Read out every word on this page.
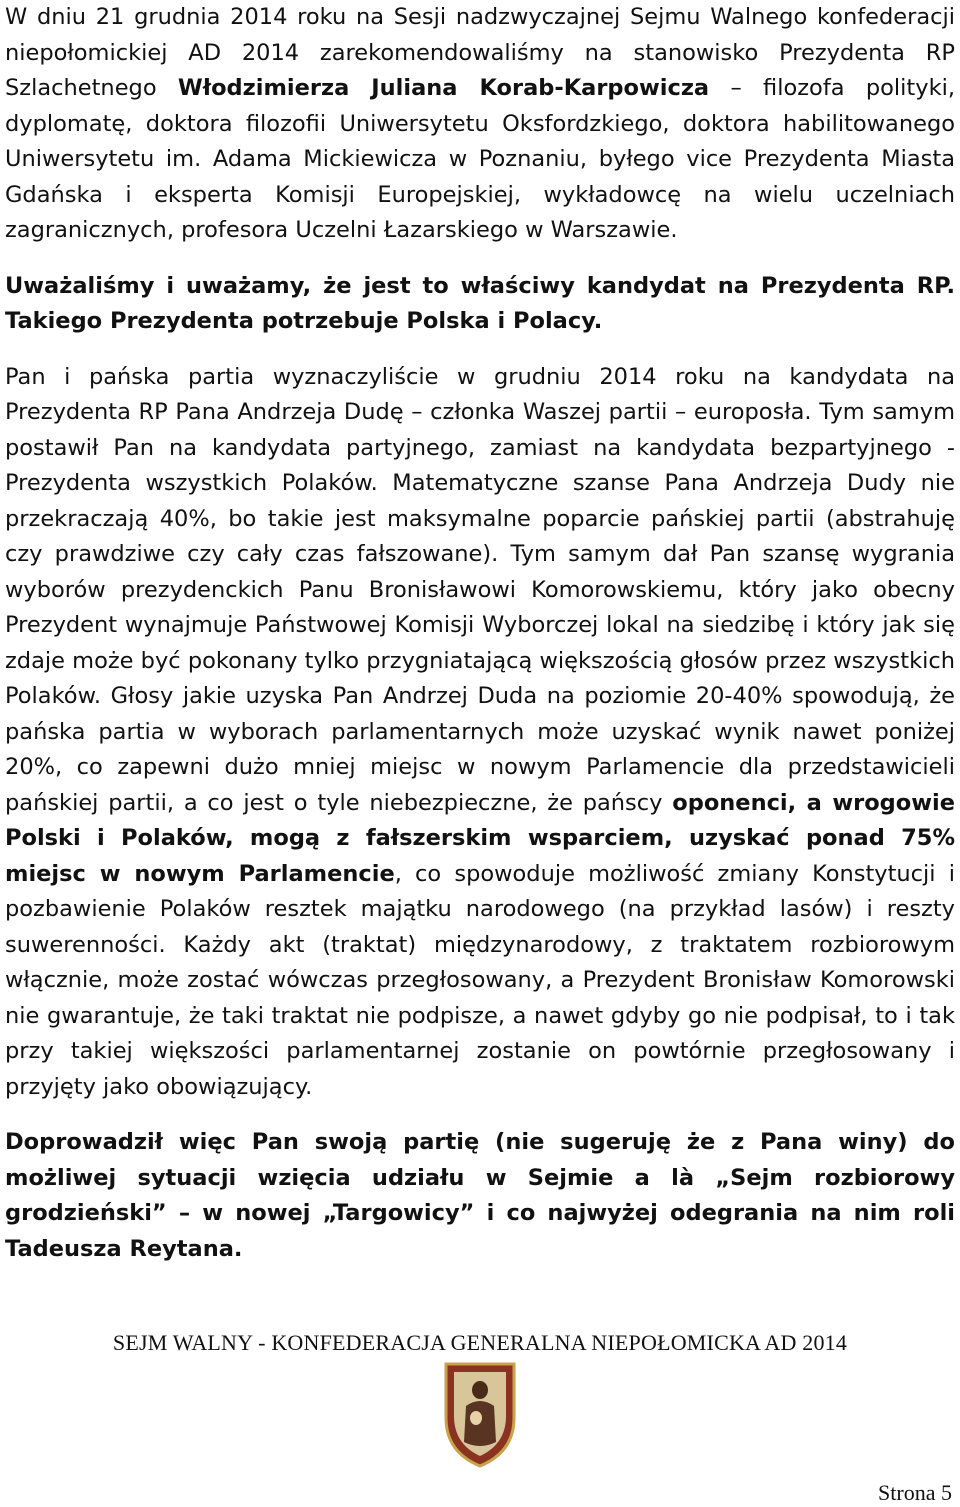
W dniu 21 grudnia 2014 roku na Sesji nadzwyczajnej Sejmu Walnego konfederacji niepołomickiej AD 2014 zarekomendowaliśmy na stanowisko Prezydenta RP Szlachetnego Włodzimierza Juliana Korab-Karpowicza – filozofa polityki, dyplomatę, doktora filozofii Uniwersytetu Oksfordzkiego, doktora habilitowanego Uniwersytetu im. Adama Mickiewicza w Poznaniu, byłego vice Prezydenta Miasta Gdańska i eksperta Komisji Europejskiej, wykładowcę na wielu uczelniach zagranicznych, profesora Uczelni Łazarskiego w Warszawie.

Uważaliśmy i uważamy, że jest to właściwy kandydat na Prezydenta RP. Takiego Prezydenta potrzebuje Polska i Polacy.

Pan i pańska partia wyznaczyliście w grudniu 2014 roku na kandydata na Prezydenta RP Pana Andrzeja Dudę – członka Waszej partii – europosła. Tym samym postawił Pan na kandydata partyjnego, zamiast na kandydata bezpartyjnego - Prezydenta wszystkich Polaków. Matematyczne szanse Pana Andrzeja Dudy nie przekraczają 40%, bo takie jest maksymalne poparcie pańskiej partii (abstrahuję czy prawdziwe czy cały czas fałszowane). Tym samym dał Pan szansę wygrania wyborów prezydenckich Panu Bronisławowi Komorowskiemu, który jako obecny Prezydent wynajmuje Państwowej Komisji Wyborczej lokal na siedzibę i który jak się zdaje może być pokonany tylko przygniatającą większością głosów przez wszystkich Polaków. Głosy jakie uzyska Pan Andrzej Duda na poziomie 20-40% spowodują, że pańska partia w wyborach parlamentarnych może uzyskać wynik nawet poniżej 20%, co zapewni dużo mniej miejsc w nowym Parlamencie dla przedstawicieli pańskiej partii, a co jest o tyle niebezpieczne, że pańscy oponenci, a wrogowie Polski i Polaków, mogą z fałszerskim wsparciem, uzyskać ponad 75% miejsc w nowym Parlamencie, co spowoduje możliwość zmiany Konstytucji i pozbawienie Polaków resztek majątku narodowego (na przykład lasów) i reszty suwerenności. Każdy akt (traktat) międzynarodowy, z traktatem rozbiorowym włącznie, może zostać wówczas przegłosowany, a Prezydent Bronisław Komorowski nie gwarantuje, że taki traktat nie podpisze, a nawet gdyby go nie podpisał, to i tak przy takiej większości parlamentarnej zostanie on powtórnie przegłosowany i przyjęty jako obowiązujący.

Doprowadził więc Pan swoją partię (nie sugeruję że z Pana winy) do możliwej sytuacji wzięcia udziału w Sejmie a là „Sejm rozbiorowy grodzieński” – w nowej „Targowicy” i co najwyżej odegrania na nim roli Tadeusza Reytana.

SEJM WALNY - KONFEDERACJA GENERALNA NIEPOŁOMICKA AD 2014
Strona 5
